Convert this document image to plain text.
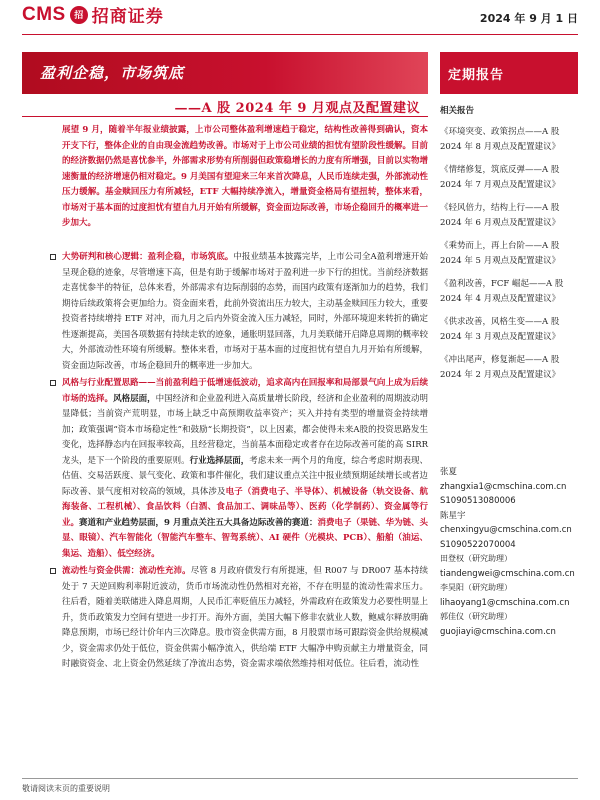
CMS 招 招商证券	2024 年 9 月 1 日
盈利企稳，市场筑底
——A 股 2024 年 9 月观点及配置建议
展望 9 月，随着半年报业绩披露，上市公司整体盈利增速趋于稳定，结构性改善得到确认，资本开支下行，整体企业的自由现金流趋势改善。市场对于上市公司业绩的担忧有望阶段性缓解。目前的经济数据仍然是喜忧参半，外部需求形势有所削弱但政策稳增长的力度有所增强，目前以实物增速衡量的经济增速仍相对稳定。9 月美国有望迎来三年来首次降息，人民币连续走强，外部流动性压力缓解。基金赎回压力有所减轻，ETF 大幅持续净流入，增量资金格局有望扭转，整体来看，市场对于基本面的过度担忧有望自九月开始有所缓解，资金面边际改善，市场企稳回升的概率进一步加大。
大势研判和核心逻辑：盈利企稳，市场筑底。中报业绩基本披露完毕，上市公司全A盈利增速开始呈现企稳的迹象，尽管增速下高，但是有助于缓解市场对于盈利进一步下行的担忧。当前经济数据走喜忧参半的特征，总体来看，外部需求有边际削弱的态势，而国内政策有逐渐加力的趋势，我们期待后续政策将会更加给力。资金面来看，此前外资流出压力较大，主动基金赎回压力较大，重要投资者持续增持 ETF 对冲，而九月之后内外资金流入压力减轻，同时，外部环境迎来转折的确定性逐渐提高，美国各项数据有持续走软的迹象，通胀明显回落，九月美联储开启降息周期的概率较大，外部流动性环境有所缓解。整体来看，市场对于基本面的过度担忧有望自九月开始有所缓解，资金面边际改善，市场企稳回升的概率进一步加大。
风格与行业配置思路——当前盈利趋于低增速低波动，追求高内在回报率和局部景气向上成为后续市场的选择。风格层面，中国经济和企业盈利进入高质量增长阶段，经济和企业盈利的周期波动明显降低；当前资产荒明显，市场上缺乏中高预期收益率资产；买入并持有类型的增量资金持续增加；政策强调“资本市场稳定性”和鼓励“长期投资”，以上因素，都会使得未来A股的投资思路发生变化，选择静态内在回报率较高，且经营稳定，当前基本面稳定或者存在边际改善可能的高 SIRR 龙头，是下一个阶段的重要原则。行业选择层面，考虑未来一两个月的角度，综合考虑时期表现、估值、交易活跃度、景气变化、政策和事件催化，我们建议重点关注中报业绩预期延续增长或者边际改善、景气度相对较高的领域，具体涉及电子（消费电子、半导体）、机械设备（轨交设备、航海装备、工程机械）、食品饮料（白酒、食品加工、调味品等）、医药（化学制药）、资金属等行业。赛道和产业趋势层面，9 月重点关注五大具备边际改善的赛道：消费电子（果链、华为链、头显、眼镜）、汽车智能化（智能汽车整车、智驾系统）、AI 硬件（光模块、PCB）、船舶（油运、集运、造船）、低空经济。
流动性与资金供需：流动性充沛。尽管 8 月政府债发行有所提速，但 R007 与 DR007 基本持续处于 7 天逆回购利率附近波动，货币市场流动性仍然相对充裕，不存在明显的流动性需求压力。往后看，随着美联储进入降息周期，人民币汇率贬值压力减轻，外需政府在政策发力必要性明显上升，货币政策发力空间有望进一步打开。海外方面，美国大幅下修非农就业人数，鲍威尔释放明确降息预期，市场已经计价年内三次降息。股市资金供需方面，8 月股票市场可跟踪资金供给规模减少，资金需求仍处于低位，资金供需小幅净流入，供给端 ETF 大幅净申购贡献主力增量资金，同时融资资金、北上资金仍然延续了净流出态势，资金需求端依然维持相对低位。往后看，流动性
敬请阅读末页的重要说明
定期报告
相关报告
《环境突变、政策拐点——A 股 2024 年 8 月观点及配置建议》
《情绪修复，筑底反弹——A 股 2024 年 7 月观点及配置建议》
《轻风倍力，结构上行——A 股 2024 年 6 月观点及配置建议》
《乘势而上，再上台阶——A 股 2024 年 5 月观点及配置建议》
《盈利改善，FCF 崛起——A 股 2024 年 4 月观点及配置建议》
《供求改善，风格生变——A 股 2024 年 3 月观点及配置建议》
《冲出尾声，修复渐起——A 股 2024 年 2 月观点及配置建议》
张夏
zhangxia1@cmschina.com.cn
S1090513080006
陈星宇
chenxingyu@cmschina.com.cn
S1090522070004
田登权（研究助理）
tiandengwei@cmschina.com.cn
李昊阳（研究助理）
lihaoyang1@cmschina.com.cn
郭佳仪（研究助理）
guojiayi@cmschina.com.cn
